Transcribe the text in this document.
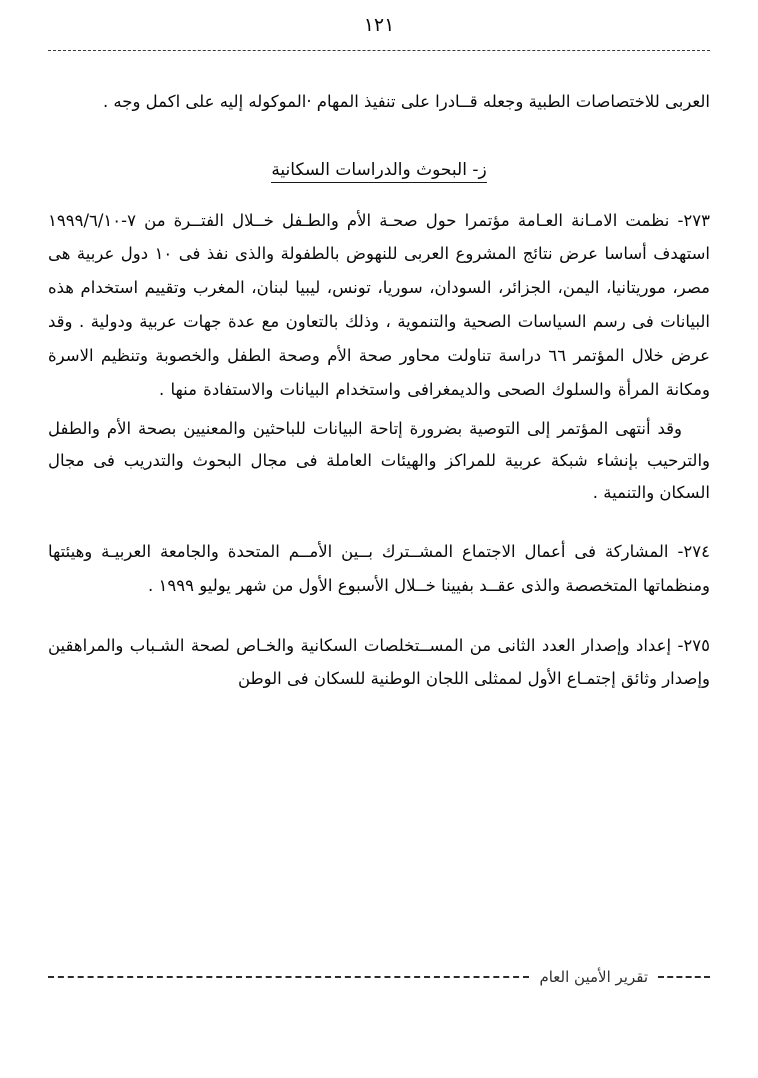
١٢١

العربى للاختصاصات الطبية وجعله قــادرا على تنفيذ المهام ·الموكوله إليه على اكمل وجه .

ز- البحوث والدراسات السكانية

٢٧٣- نظمت الامـانة العـامة مؤتمرا حول صحـة الأم والطـفل خــلال الفتــرة من ٧-١٩٩٩/٦/١٠ استهدف أساسا عرض نتائج المشروع العربى للنهوض بالطفولة والذى نفذ فى ١٠ دول عربية هى مصر، موريتانيا، اليمن، الجزائر، السودان، سوريا، تونس، ليبيا لبنان، المغرب وتقييم استخدام هذه البيانات فى رسم السياسات الصحية والتنموية ، وذلك بالتعاون مع عدة جهات عربية ودولية . وقد عرض خلال المؤتمر ٦٦ دراسة تناولت محاور صحة الأم وصحة الطفل والخصوبة وتنظيم الاسرة ومكانة المرأة والسلوك الصحى والديمغرافى واستخدام البيانات والاستفادة منها .

وقد أنتهى المؤتمر إلى التوصية بضرورة إتاحة البيانات للباحثين والمعنيين بصحة الأم والطفل والترحيب بإنشاء شبكة عربية للمراكز والهيئات العاملة فى مجال البحوث والتدريب فى مجال السكان والتنمية .

٢٧٤- المشاركة فى أعمال الاجتماع المشــترك بــين الأمــم المتحدة والجامعة العربيـة وهيئتها ومنظماتها المتخصصة والذى عقــد بفيينا خــلال الأسبوع الأول من شهر يوليو ١٩٩٩ .

٢٧٥- إعداد وإصدار العدد الثانى من المســتخلصات السكانية والخـاص لصحة الشـباب والمراهقين وإصدار وثائق إجتمـاع الأول لممثلى اللجان الوطنية للسكان فى الوطن

تقرير الأمين العام
